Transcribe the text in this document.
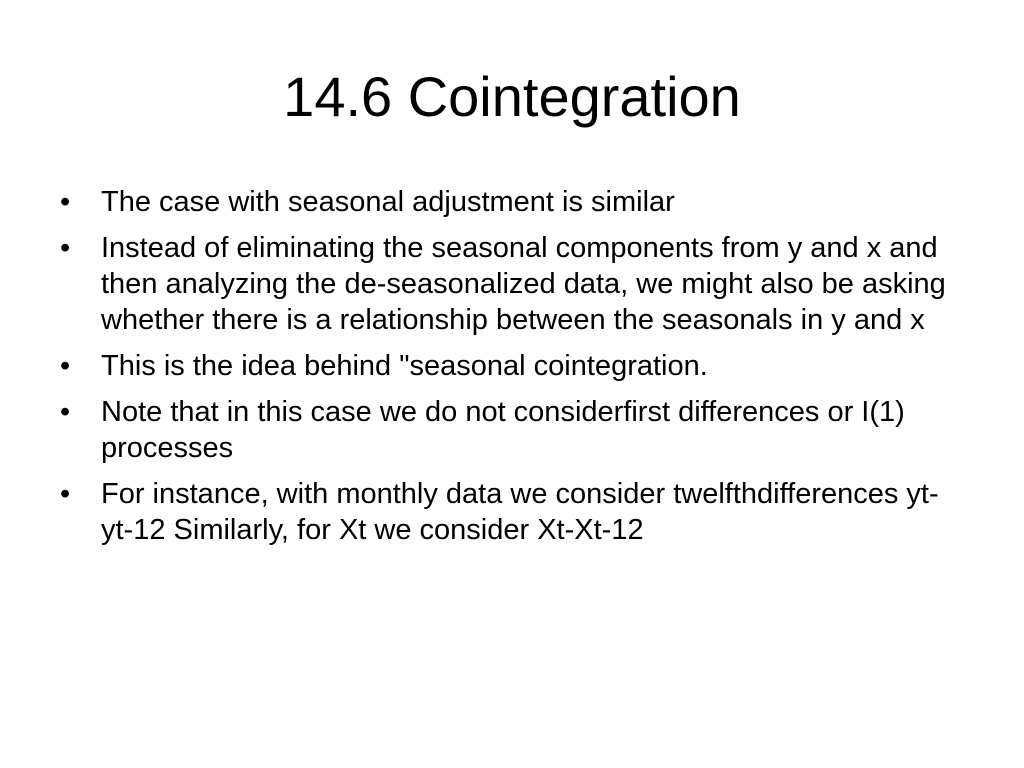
14.6 Cointegration
•	The case with seasonal adjustment is similar
•	Instead of eliminating the seasonal components from y and x and then analyzing the de-seasonalized data, we might also be asking whether there is a relationship between the seasonals in y and x
•	This is the idea behind "seasonal cointegration.
•	Note that in this case we do not considerfirst differences or I(1) processes
•	For instance, with monthly data we consider twelfthdifferences yt-yt-12 Similarly, for Xt we consider Xt-Xt-12
